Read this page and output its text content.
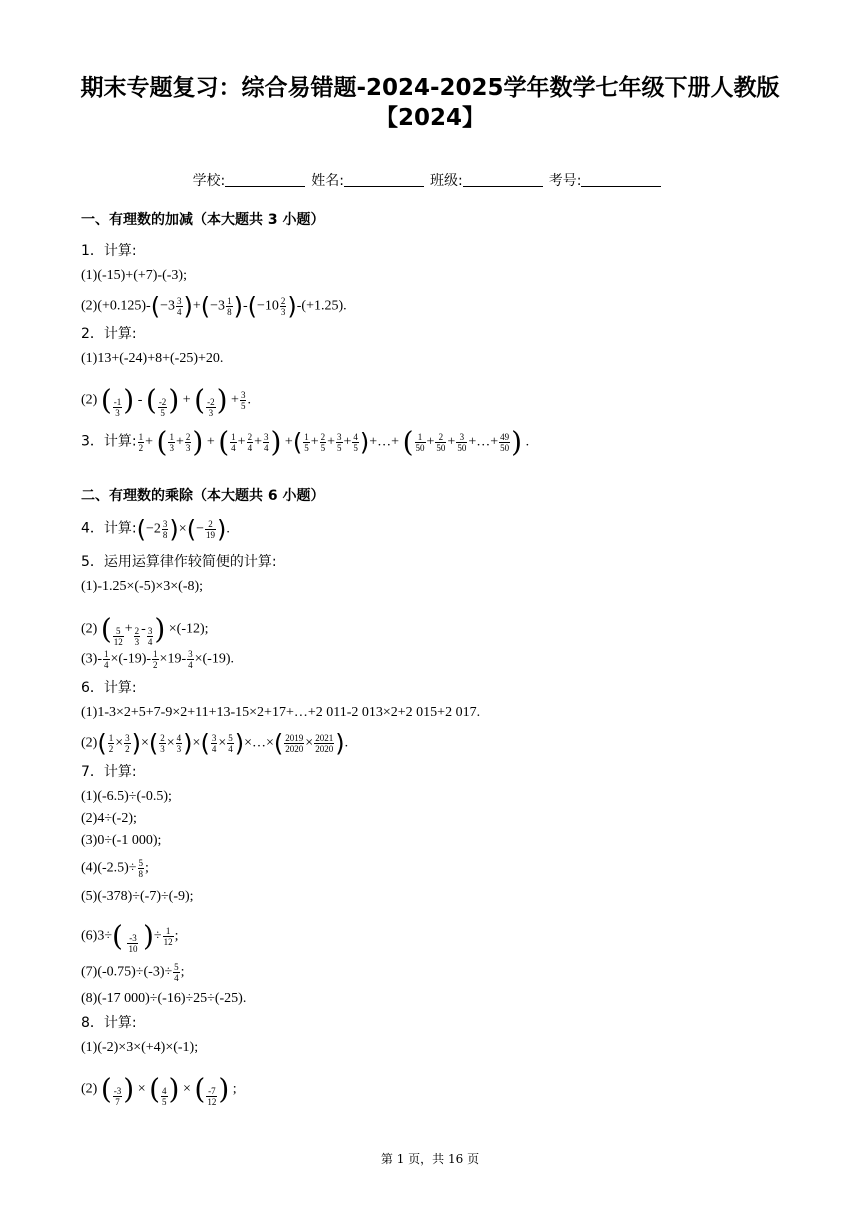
期末专题复习：综合易错题-2024-2025学年数学七年级下册人教版
【2024】
学校:	姓名:	班级:	考号:
一、有理数的加减（本大题共 3 小题）
1．计算:
(1)(-15)+(+7)-(-3);
$(2)(+0.125)-(-3 \frac{3}{4} )+(-3 \frac{1}{8} )-(-10 \frac{2}{3} )-(+1.25)$.
2．计算:
(1)13+(-24)+8+(-25)+20.
(2) ( $\frac{-1}{3}$ ) - ( $\frac{-2}{5}$ ) + ( $\frac{-2}{3}$ ) + $\frac{3}{5}$ .
3．计算: $\frac{1}{2}$ + ( $\frac{1}{3} + \frac{2}{3}$ ) + ( $\frac{1}{4} + \frac{2}{4} + \frac{3}{4}$ ) +( $\frac{1}{5} + \frac{2}{5} + \frac{3}{5} + \frac{4}{5}$ )+…+ ( $\frac{1}{50} + \frac{2}{50} + \frac{3}{50}$ +…+ $\frac{49}{50}$ ) .
二、有理数的乘除（本大题共 6 小题）
4．计算:(−2 $\frac{3}{8}$ )×(− $\frac{2}{19}$ ).
5．运用运算律作较简便的计算:
(1)-1.25×(-5)×3×(-8);
(2) ( $\frac{5}{12} + \frac{2}{3} - \frac{3}{4}$ ) ×(-12);
$(3)- \frac{1}{4} \times(-19)- \frac{1}{2} \times 19- \frac{3}{4} \times(-19)$.
6．计算:
(1)1-3×2+5+7-9×2+11+13-15×2+17+…+2 011-2 013×2+2 015+2 017.
$(2)( \frac{1}{2} \times \frac{3}{2}$ )×( $\frac{2}{3} \times \frac{4}{3}$ )×( $\frac{3}{4} \times \frac{5}{4}$ )×…×( $\frac{2019}{2020} \times \frac{2021}{2020}$ ).
7．计算:
(1)(-6.5)÷(-0.5);
(2)4÷(-2);
(3)0÷(-1 000);
$(4)(-2.5)\div \frac{5}{8}$ ;
(5)(-378)÷(-7)÷(-9);
$(6)3\div( \frac{-3}{10}$ )÷ $\frac{1}{12}$ ;
$(7)(-0.75)\div(-3)\div \frac{5}{4}$ ;
(8)(-17 000)÷(-16)÷25÷(-25).
8．计算:
(1)(-2)×3×(+4)×(-1);
(2) ( $\frac{-3}{7}$ ) × ( $\frac{4}{5}$ ) × ( $\frac{-7}{12}$ ) ;
第 1 页，共 16 页
